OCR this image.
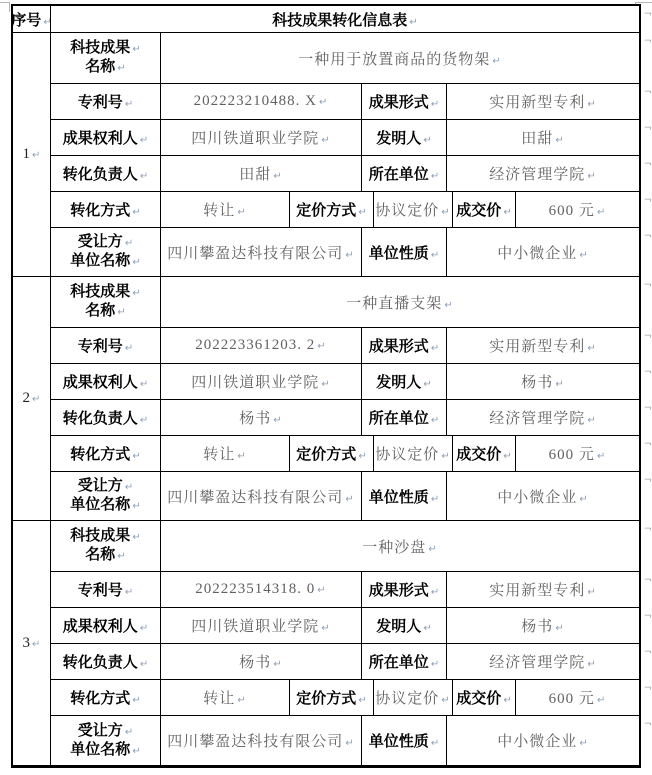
序号 ↵	科技成果转化信息表 ↵
¬
1 ↵
科技成果 ↵
名称 ↵
一种用于放置商品的货物架 ↵
¬
专利号 ↵	202223210488. X ↵	成果形式 ↵	实用新型专利 ↵
¬
成果权利人 ↵	四川铁道职业学院 ↵	发明人 ↵	田甜 ↵
¬
转化负责人 ↵	田甜 ↵	所在单位 ↵	经济管理学院 ↵
¬
转化方式 ↵	转让 ↵	定价方式 ↵ 协议定价 ↵ 成交价 ↵ 600 元 ↵
¬
受让方 ↵
单位名称 ↵
四川攀盈达科技有限公司 ↵ 单位性质 ↵	中小微企业 ↵
¬
2 ↵
科技成果 ↵
名称 ↵
一种直播支架 ↵
¬
专利号 ↵	202223361203. 2 ↵	成果形式 ↵	实用新型专利 ↵
¬
成果权利人 ↵	四川铁道职业学院 ↵	发明人 ↵	杨书 ↵
¬
转化负责人 ↵	杨书 ↵	所在单位 ↵	经济管理学院 ↵
¬
转化方式 ↵	转让 ↵	定价方式 ↵ 协议定价 ↵ 成交价 ↵ 600 元 ↵
¬
受让方 ↵
单位名称 ↵
四川攀盈达科技有限公司 ↵ 单位性质 ↵	中小微企业 ↵
¬
3 ↵
科技成果 ↵
名称 ↵
一种沙盘 ↵
¬
专利号 ↵	202223514318. 0 ↵	成果形式 ↵	实用新型专利 ↵
¬
成果权利人 ↵	四川铁道职业学院 ↵	发明人 ↵	杨书 ↵
¬
转化负责人 ↵	杨书 ↵	所在单位 ↵	经济管理学院 ↵
¬
转化方式 ↵	转让 ↵	定价方式 ↵ 协议定价 ↵ 成交价 ↵ 600 元 ↵
¬
受让方 ↵
单位名称 ↵
四川攀盈达科技有限公司 ↵ 单位性质 ↵	中小微企业 ↵
¬
